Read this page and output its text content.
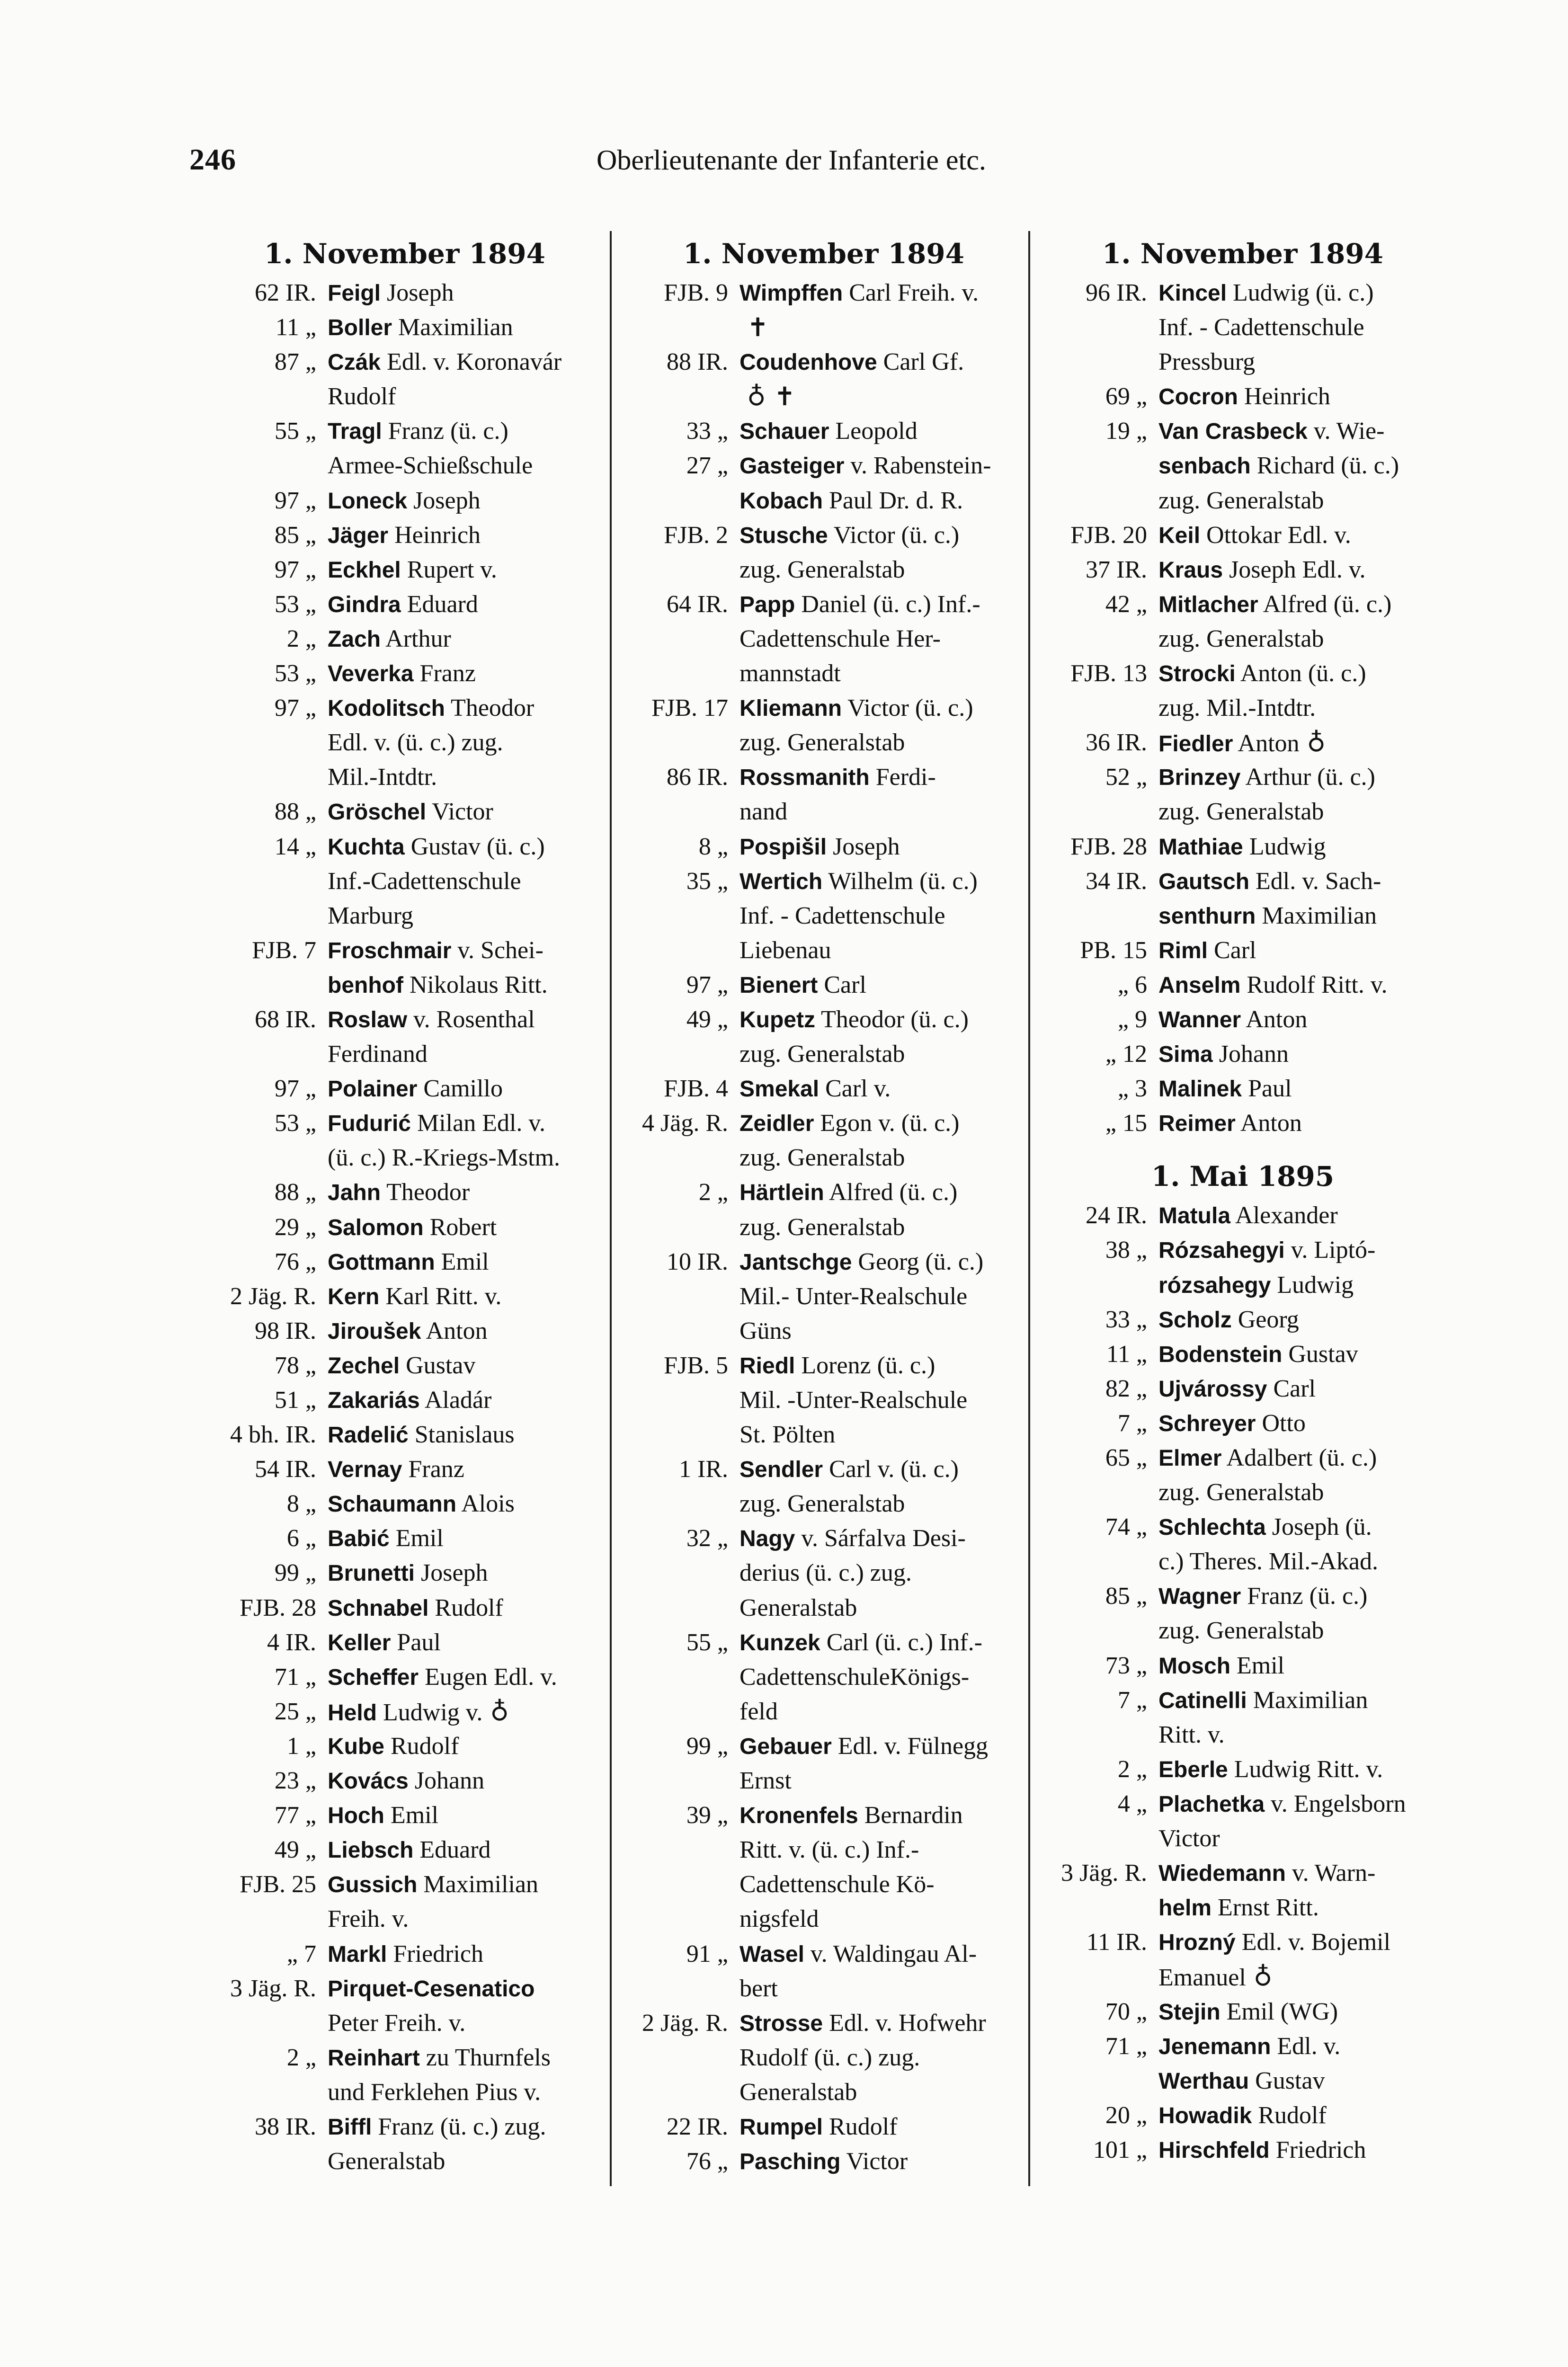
246	Oberlieutenante der Infanterie etc.
1. November 1894
62 IR. Feigl Joseph
11 „ Boller Maximilian
87 „ Czák Edl. v. Koronavár
Rudolf
55 „ Tragl Franz (ü. c.)
Armee-Schießschule
97 „ Loneck Joseph
85 „ Jäger Heinrich
97 „ Eckhel Rupert v.
53 „ Gindra Eduard
2 „ Zach Arthur
53 „ Veverka Franz
97 „ Kodolitsch Theodor
Edl. v. (ü. c.) zug.
Mil.-Intdtr.
88 „ Gröschel Victor
14 „ Kuchta Gustav (ü. c.)
Inf.-Cadettenschule
Marburg
FJB. 7 Froschmair v. Schei-
benhof Nikolaus Ritt.
68 IR. Roslaw v. Rosenthal
Ferdinand
97 „ Polainer Camillo
53 „ Fudurić Milan Edl. v.
(ü. c.) R.-Kriegs-Mstm.
88 „ Jahn Theodor
29 „ Salomon Robert
76 „ Gottmann Emil
2 Jäg. R. Kern Karl Ritt. v.
98 IR. Jiroušek Anton
78 „ Zechel Gustav
51 „ Zakariás Aladár
4 bh. IR. Radelić Stanislaus
54 IR. Vernay Franz
8 „ Schaumann Alois
6 „ Babić Emil
99 „ Brunetti Joseph
FJB. 28 Schnabel Rudolf
4 IR. Keller Paul
71 „ Scheffer Eugen Edl. v.
25 „ Held Ludwig v. ♁
1 „ Kube Rudolf
23 „ Kovács Johann
77 „ Hoch Emil
49 „ Liebsch Eduard
FJB. 25 Gussich Maximilian
Freih. v.
„ 7 Markl Friedrich
3 Jäg. R. Pirquet-Cesenatico
Peter Freih. v.
2 „ Reinhart zu Thurnfels
und Ferklehen Pius v.
38 IR. Biffl Franz (ü. c.) zug.
Generalstab
1. November 1894
FJB. 9 Wimpffen Carl Freih. v.
✝
88 IR. Coudenhove Carl Gf.
♁ ✝
33 „ Schauer Leopold
27 „ Gasteiger v. Rabenstein-
Kobach Paul Dr. d. R.
FJB. 2 Stusche Victor (ü. c.)
zug. Generalstab
64 IR. Papp Daniel (ü. c.) Inf.-
Cadettenschule Her-
mannstadt
FJB. 17 Kliemann Victor (ü. c.)
zug. Generalstab
86 IR. Rossmanith Ferdi-
nand
8 „ Pospišil Joseph
35 „ Wertich Wilhelm (ü. c.)
Inf. - Cadettenschule
Liebenau
97 „ Bienert Carl
49 „ Kupetz Theodor (ü. c.)
zug. Generalstab
FJB. 4 Smekal Carl v.
4 Jäg. R. Zeidler Egon v. (ü. c.)
zug. Generalstab
2 „ Härtlein Alfred (ü. c.)
zug. Generalstab
10 IR. Jantschge Georg (ü. c.)
Mil.- Unter-Realschule
Güns
FJB. 5 Riedl Lorenz (ü. c.)
Mil. -Unter-Realschule
St. Pölten
1 IR. Sendler Carl v. (ü. c.)
zug. Generalstab
32 „ Nagy v. Sárfalva Desi-
derius (ü. c.) zug.
Generalstab
55 „ Kunzek Carl (ü. c.) Inf.-
CadettenschuleKönigs-
feld
99 „ Gebauer Edl. v. Fülnegg
Ernst
39 „ Kronenfels Bernardin
Ritt. v. (ü. c.) Inf.-
Cadettenschule Kö-
nigsfeld
91 „ Wasel v. Waldingau Al-
bert
2 Jäg. R. Strosse Edl. v. Hofwehr
Rudolf (ü. c.) zug.
Generalstab
22 IR. Rumpel Rudolf
76 „ Pasching Victor
1. November 1894
96 IR. Kincel Ludwig (ü. c.)
Inf. - Cadettenschule
Pressburg
69 „ Cocron Heinrich
19 „ Van Crasbeck v. Wie-
senbach Richard (ü. c.)
zug. Generalstab
FJB. 20 Keil Ottokar Edl. v.
37 IR. Kraus Joseph Edl. v.
42 „ Mitlacher Alfred (ü. c.)
zug. Generalstab
FJB. 13 Strocki Anton (ü. c.)
zug. Mil.-Intdtr.
36 IR. Fiedler Anton ♁
52 „ Brinzey Arthur (ü. c.)
zug. Generalstab
FJB. 28 Mathiae Ludwig
34 IR. Gautsch Edl. v. Sach-
senthurn Maximilian
PB. 15 Riml Carl
„ 6 Anselm Rudolf Ritt. v.
„ 9 Wanner Anton
„ 12 Sima Johann
„ 3 Malinek Paul
„ 15 Reimer Anton
1. Mai 1895
24 IR. Matula Alexander
38 „ Rózsahegyi v. Liptó-
rózsahegy Ludwig
33 „ Scholz Georg
11 „ Bodenstein Gustav
82 „ Ujvárossy Carl
7 „ Schreyer Otto
65 „ Elmer Adalbert (ü. c.)
zug. Generalstab
74 „ Schlechta Joseph (ü.
c.) Theres. Mil.-Akad.
85 „ Wagner Franz (ü. c.)
zug. Generalstab
73 „ Mosch Emil
7 „ Catinelli Maximilian
Ritt. v.
2 „ Eberle Ludwig Ritt. v.
4 „ Plachetka v. Engelsborn
Victor
3 Jäg. R. Wiedemann v. Warn-
helm Ernst Ritt.
11 IR. Hrozný Edl. v. Bojemil
Emanuel ♁
70 „ Stejin Emil (WG)
71 „ Jenemann Edl. v.
Werthau Gustav
20 „ Howadik Rudolf
101 „ Hirschfeld Friedrich
